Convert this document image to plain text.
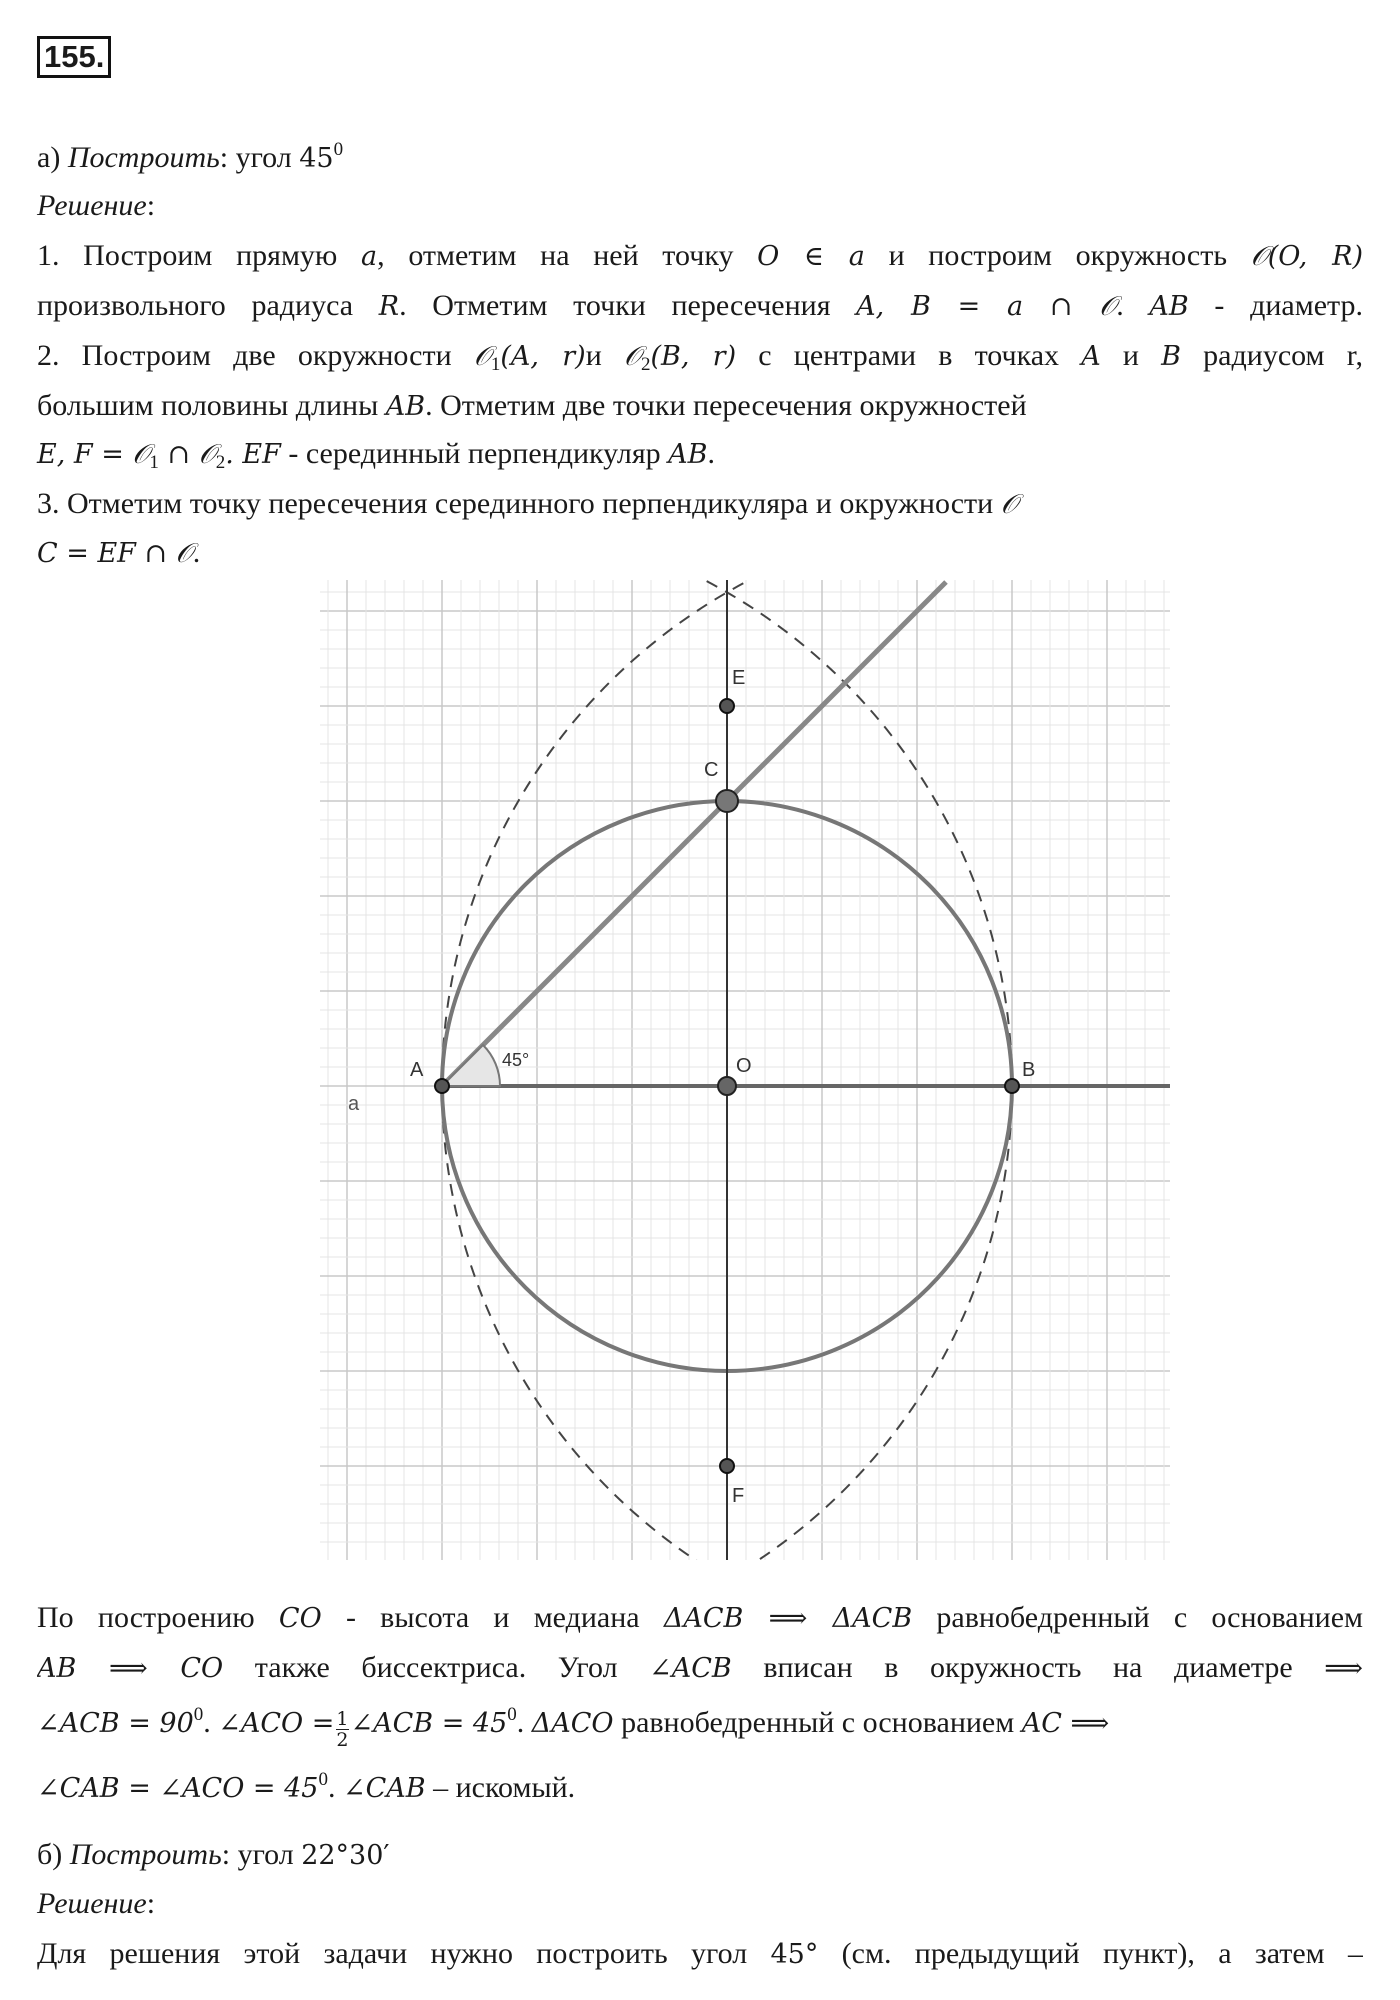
155.
а) Построить: угол $45^0$
Решение:
1. Построим прямую a, отметим на ней точку O ∈ a и построим окружность 𝒪(O, R)
произвольного радиуса R. Отметим точки пересечения A, B = a ∩ 𝒪. AB - диаметр.
2. Построим две окружности 𝒪$_1$(A, r)и 𝒪$_2$(B, r) с центрами в точках A и B радиусом r,
большим половины длины AB. Отметим две точки пересечения окружностей
E, F = 𝒪$_1$ ∩ 𝒪$_2$. EF - серединный перпендикуляр AB.
3. Отметим точку пересечения серединного перпендикуляра и окружности 𝒪
C = EF ∩ 𝒪.
По построению CO - высота и медиана ΔACB ⟹ ΔACB равнобедренный с основанием
AB ⟹ CO также биссектриса. Угол ∠ACB вписан в окружность на диаметре ⟹
∠ACB = $90^0$. ∠ACO = $\frac{1}{2}$ ∠ACB = $45^0$. ΔACO равнобедренный с основанием AC ⟹
∠CAB = ∠ACO = $45^0$. ∠CAB – искомый.
б) Построить: угол 22°30′
Решение:
Для решения этой задачи нужно построить угол 45° (см. предыдущий пункт), а затем –
A	B
O
C
E
F
a
45°
